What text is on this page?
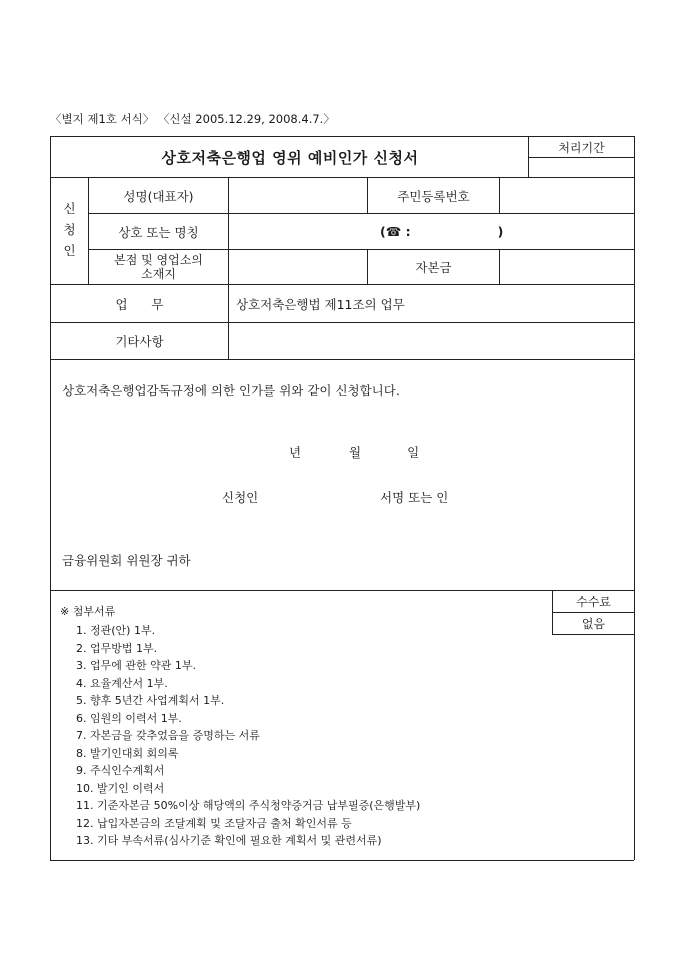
〈별지 제1호 서식〉 〈신설 2005.12.29, 2008.4.7.〉
상호저축은행업 영위 예비인가 신청서
처리기간
신
청
인
성명(대표자)	주민등록번호
상호 또는 명칭	(☎ :                    )
본점 및 영업소의
소재지	자본금
업      무	상호저축은행법 제11조의 업무
기타사항
상호저축은행업감독규정에 의한 인가를 위와 같이 신청합니다.
년	월	일
신청인	서명 또는 인
금융위원회 위원장 귀하
※ 첨부서류
1. 정관(안) 1부.
2. 업무방법 1부.
3. 업무에 관한 약관 1부.
4. 요율계산서 1부.
5. 향후 5년간 사업계획서 1부.
6. 임원의 이력서 1부.
7. 자본금을 갖추었음을 증명하는 서류
8. 발기인대회 회의록
9. 주식인수계획서
10. 발기인 이력서
11. 기준자본금 50%이상 해당액의 주식청약증거금 납부필증(은행발부)
12. 납입자본금의 조달계획 및 조달자금 출처 확인서류 등
13. 기타 부속서류(심사기준 확인에 필요한 계획서 및 관련서류)
수수료
없음
